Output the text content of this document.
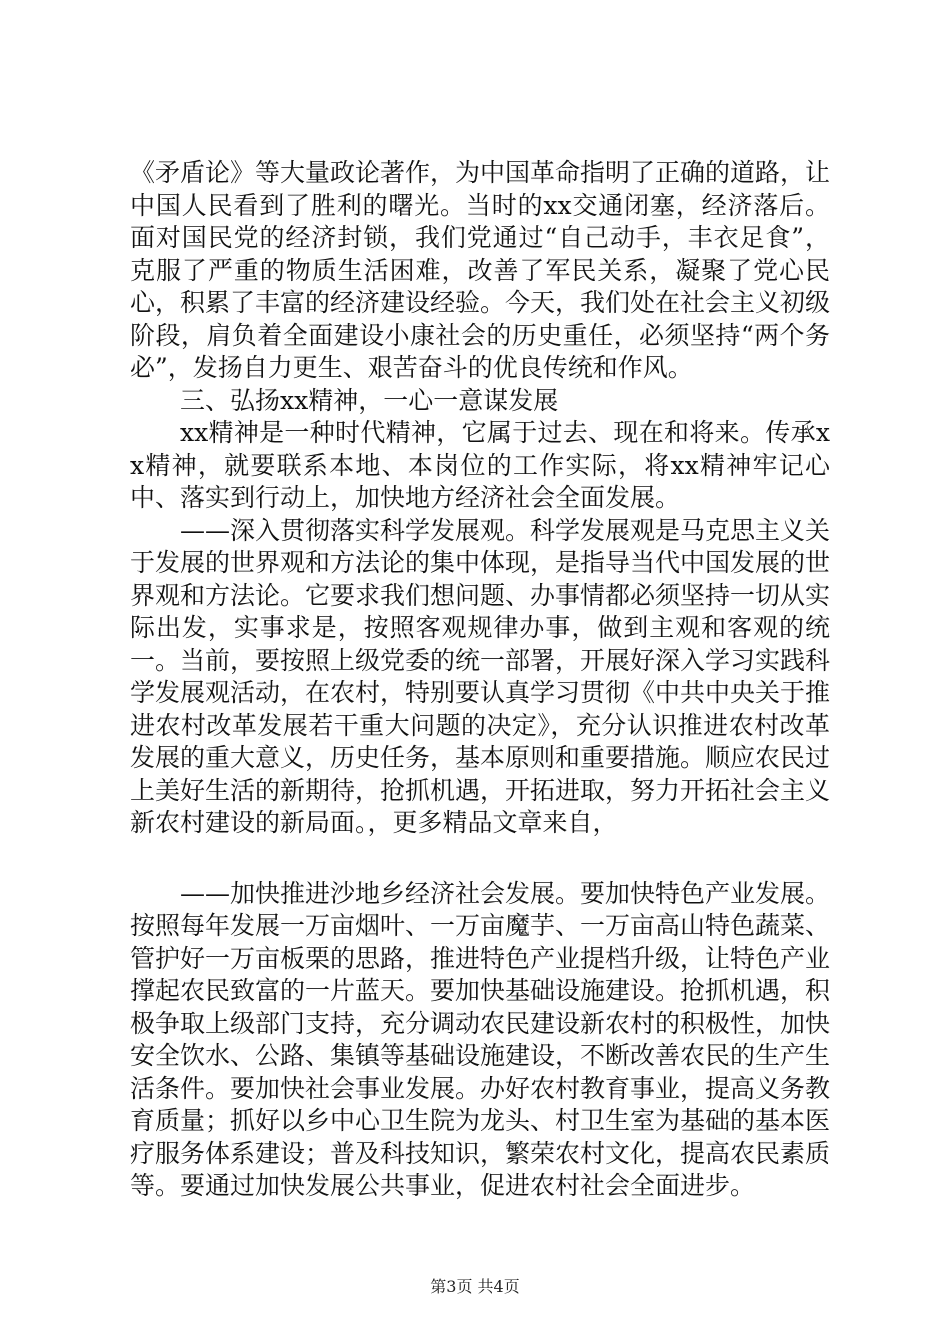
《矛盾论》等大量政论著作，为中国革命指明了正确的道路，让中国人民看到了胜利的曙光。当时的xx交通闭塞，经济落后。面对国民党的经济封锁，我们党通过“自己动手，丰衣足食”，克服了严重的物质生活困难，改善了军民关系，凝聚了党心民心，积累了丰富的经济建设经验。今天，我们处在社会主义初级阶段，肩负着全面建设小康社会的历史重任，必须坚持“两个务必”，发扬自力更生、艰苦奋斗的优良传统和作风。

三、弘扬xx精神，一心一意谋发展

xx精神是一种时代精神，它属于过去、现在和将来。传承xx精神，就要联系本地、本岗位的工作实际，将xx精神牢记心中、落实到行动上，加快地方经济社会全面发展。

——深入贯彻落实科学发展观。科学发展观是马克思主义关于发展的世界观和方法论的集中体现，是指导当代中国发展的世界观和方法论。它要求我们想问题、办事情都必须坚持一切从实际出发，实事求是，按照客观规律办事，做到主观和客观的统一。当前，要按照上级党委的统一部署，开展好深入学习实践科学发展观活动，在农村，特别要认真学习贯彻《中共中央关于推进农村改革发展若干重大问题的决定》，充分认识推进农村改革发展的重大意义，历史任务，基本原则和重要措施。顺应农民过上美好生活的新期待，抢抓机遇，开拓进取，努力开拓社会主义新农村建设的新局面。，更多精品文章来自，

——加快推进沙地乡经济社会发展。要加快特色产业发展。按照每年发展一万亩烟叶、一万亩魔芋、一万亩高山特色蔬菜、管护好一万亩板栗的思路，推进特色产业提档升级，让特色产业撑起农民致富的一片蓝天。要加快基础设施建设。抢抓机遇，积极争取上级部门支持，充分调动农民建设新农村的积极性，加快安全饮水、公路、集镇等基础设施建设，不断改善农民的生产生活条件。要加快社会事业发展。办好农村教育事业，提高义务教育质量；抓好以乡中心卫生院为龙头、村卫生室为基础的基本医疗服务体系建设；普及科技知识，繁荣农村文化，提高农民素质等。要通过加快发展公共事业，促进农村社会全面进步。

第3页 共4页
